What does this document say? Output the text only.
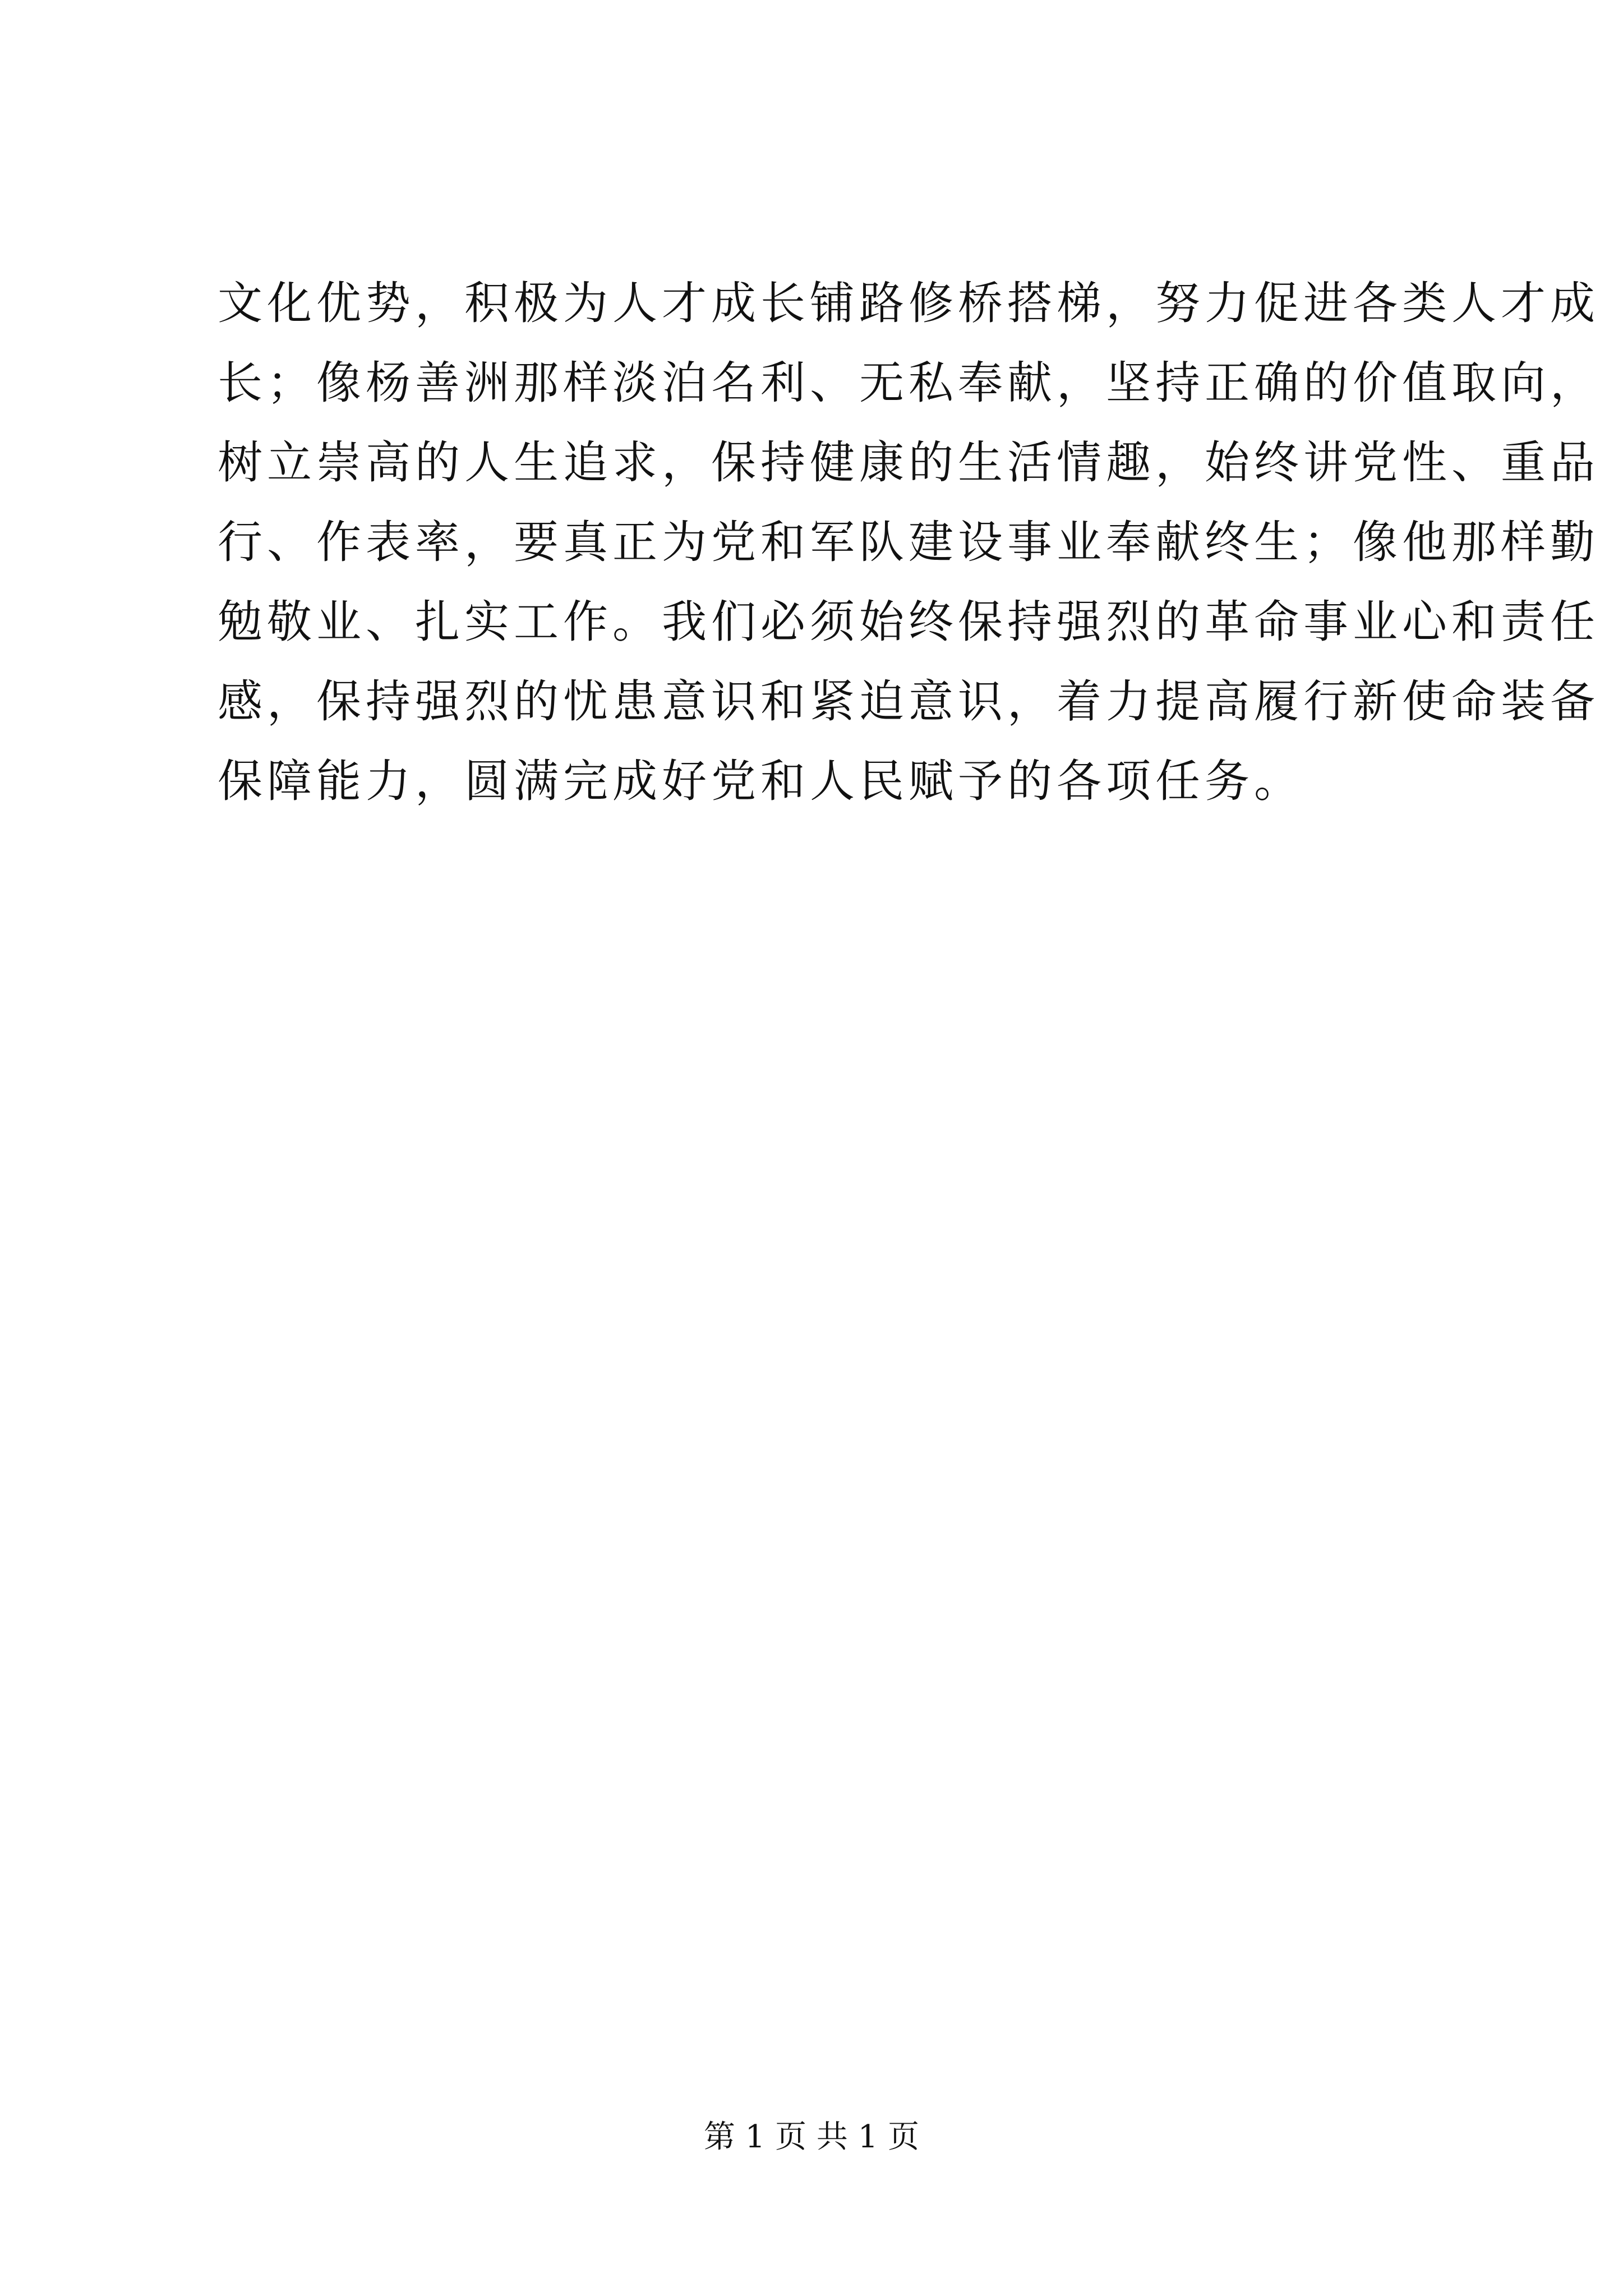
文化优势，积极为人才成长铺路修桥搭梯，努力促进各类人才成
长；像杨善洲那样淡泊名利、无私奉献，坚持正确的价值取向，
树立崇高的人生追求，保持健康的生活情趣，始终讲党性、重品
行、作表率，要真正为党和军队建设事业奉献终生；像他那样勤
勉敬业、扎实工作。我们必须始终保持强烈的革命事业心和责任
感，保持强烈的忧患意识和紧迫意识，着力提高履行新使命装备
保障能力，圆满完成好党和人民赋予的各项任务。
第 1 页 共 1 页
